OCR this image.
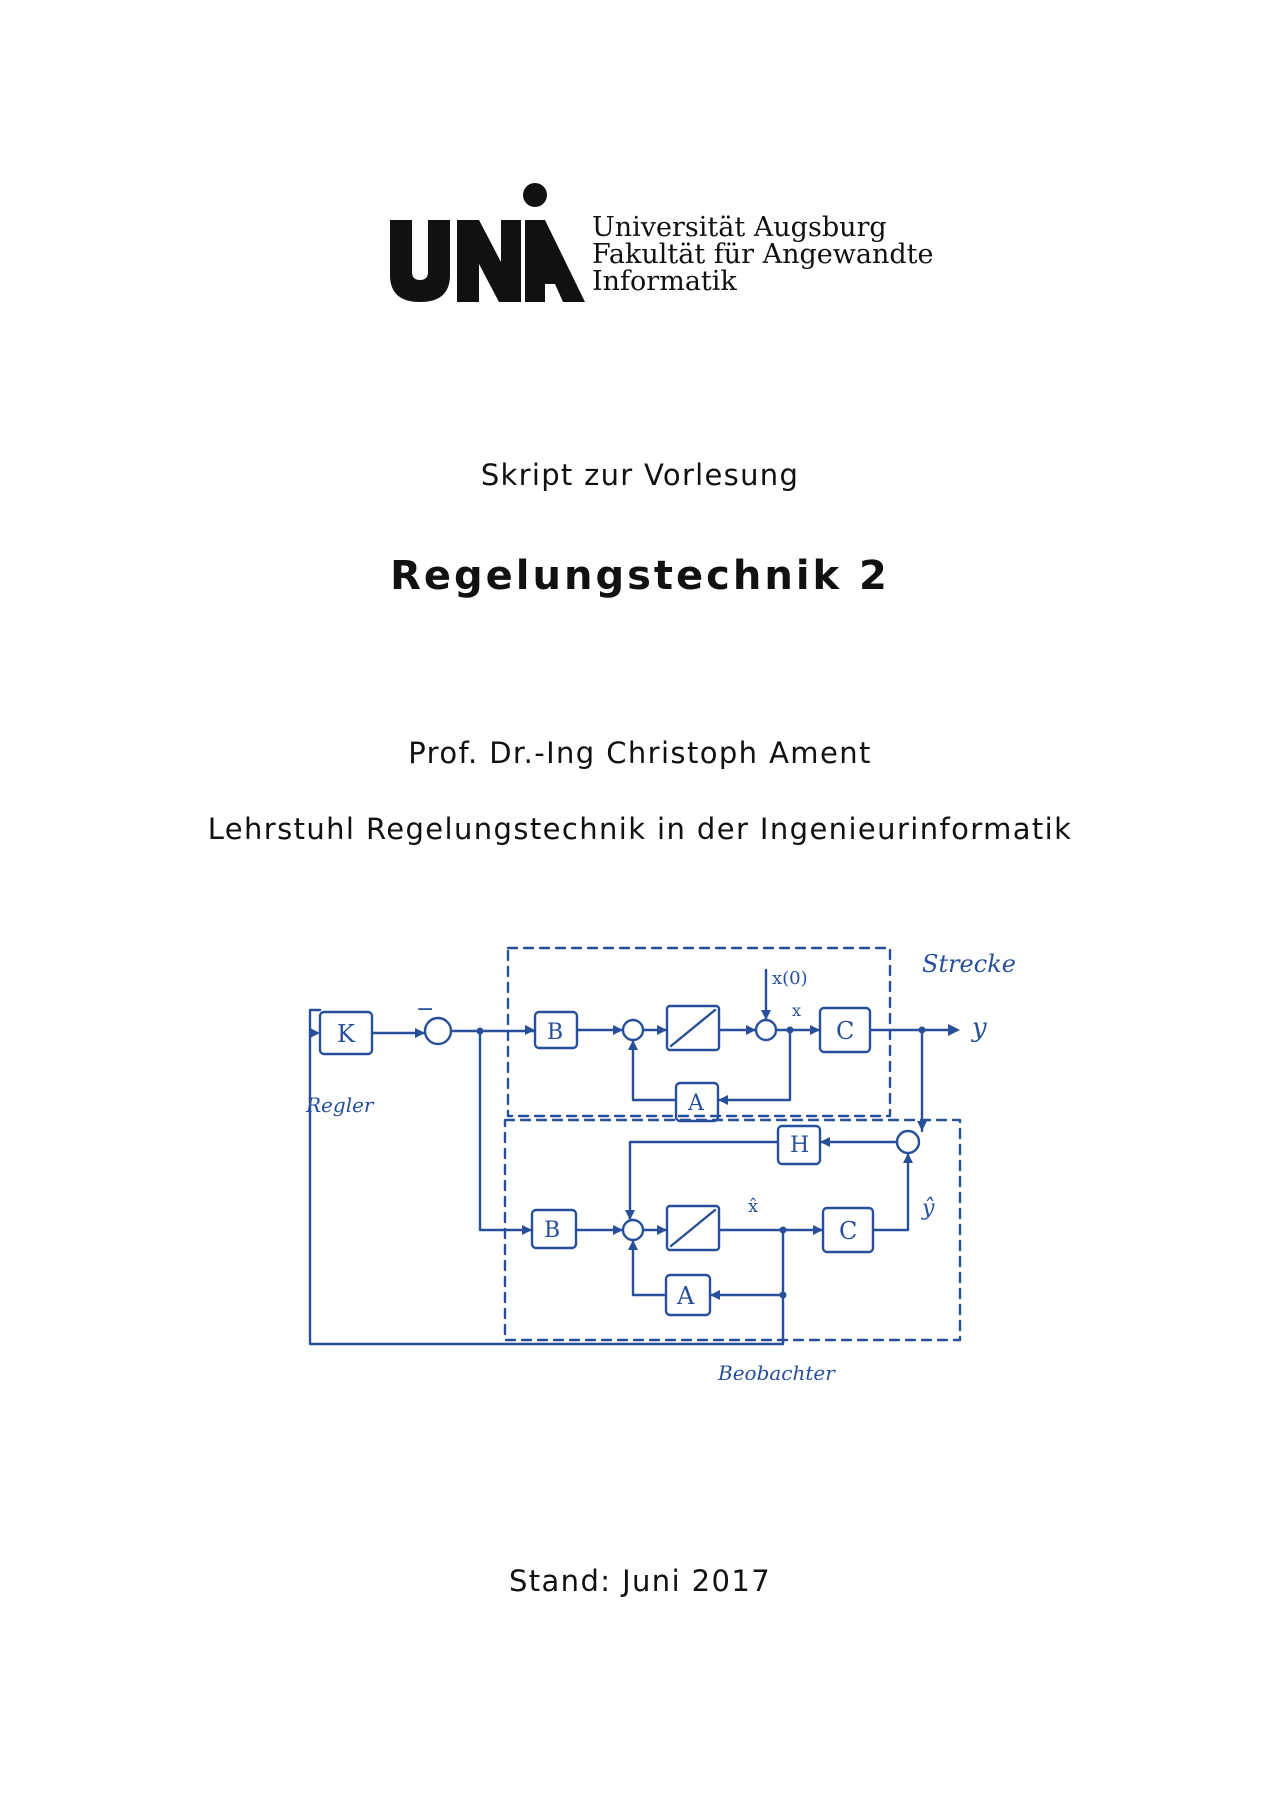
Universität Augsburg
Fakultät für Angewandte
Informatik
Skript zur Vorlesung
Regelungstechnik 2
Prof. Dr.-Ing Christoph Ament
Lehrstuhl Regelungstechnik in der Ingenieurinformatik
K
−
Regler
B
A
C
x(0)
x
y
Strecke
H
B
A
C
x̂	ŷ
Beobachter
Stand: Juni 2017
